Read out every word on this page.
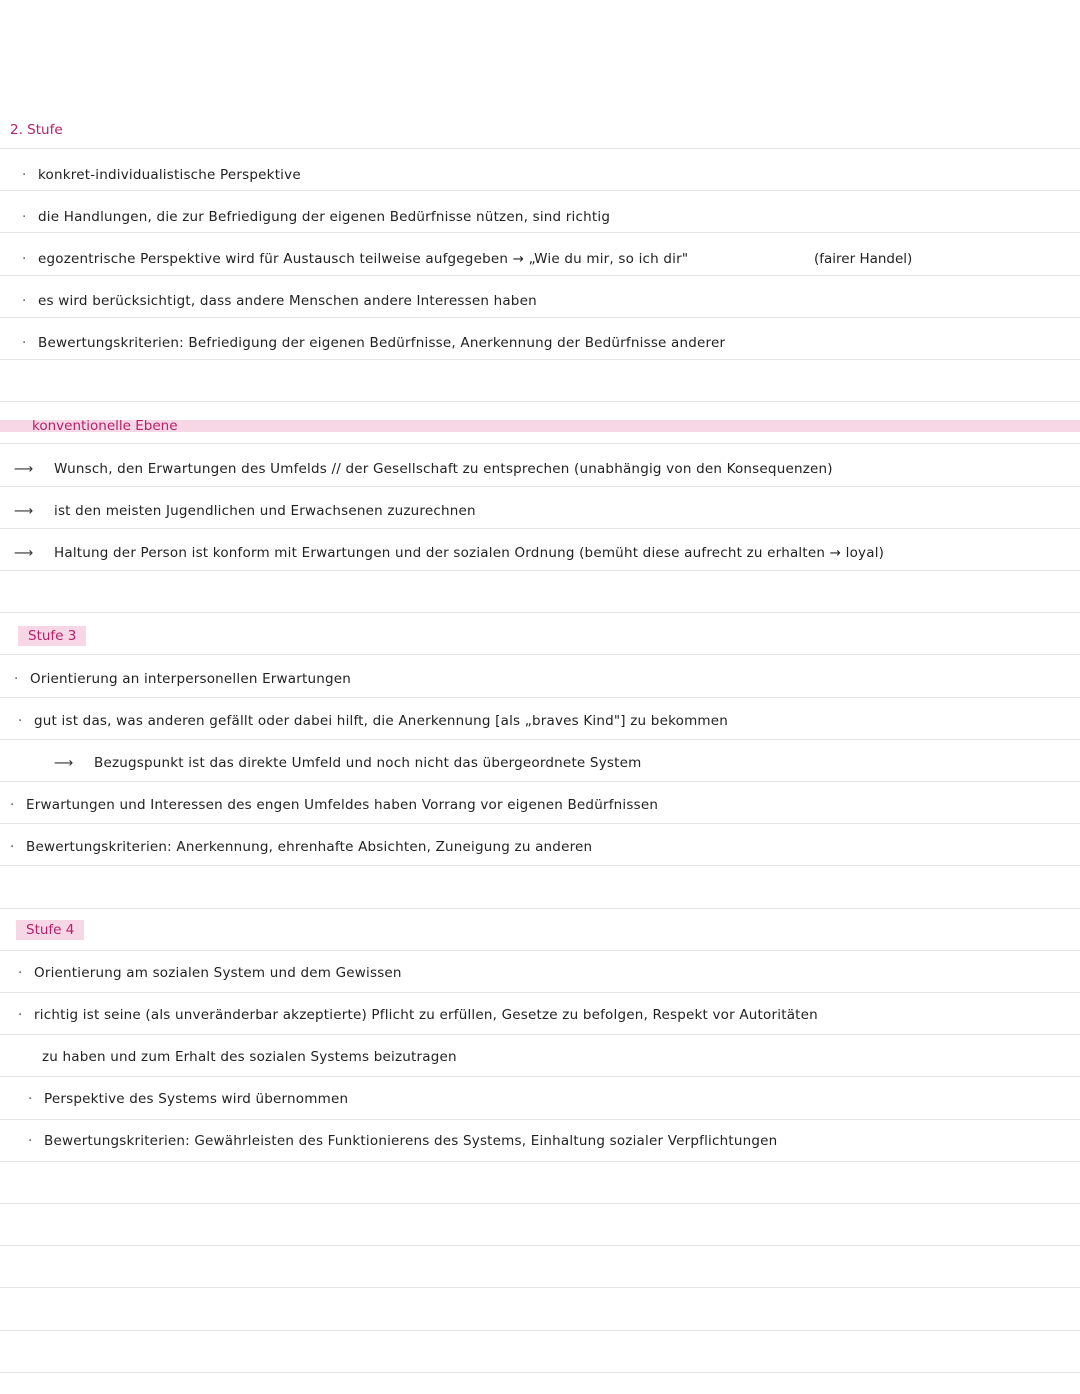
2. Stufe
· konkret-individualistische Perspektive
· die Handlungen, die zur Befriedigung der eigenen Bedürfnisse nützen, sind richtig
· egozentrische Perspektive wird für Austausch teilweise aufgegeben → „Wie du mir, so ich dir"	(fairer Handel)
· es wird berücksichtigt, dass andere Menschen andere Interessen haben
· Bewertungskriterien: Befriedigung der eigenen Bedürfnisse, Anerkennung der Bedürfnisse anderer
konventionelle Ebene
⟶ Wunsch, den Erwartungen des Umfelds // der Gesellschaft zu entsprechen (unabhängig von den Konsequenzen)
⟶ ist den meisten Jugendlichen und Erwachsenen zuzurechnen
⟶ Haltung der Person ist konform mit Erwartungen und der sozialen Ordnung (bemüht diese aufrecht zu erhalten → loyal)
Stufe 3
· Orientierung an interpersonellen Erwartungen
· gut ist das, was anderen gefällt oder dabei hilft, die Anerkennung [als „braves Kind"] zu bekommen
⟶ Bezugspunkt ist das direkte Umfeld und noch nicht das übergeordnete System
· Erwartungen und Interessen des engen Umfeldes haben Vorrang vor eigenen Bedürfnissen
· Bewertungskriterien: Anerkennung, ehrenhafte Absichten, Zuneigung zu anderen
Stufe 4
· Orientierung am sozialen System und dem Gewissen
· richtig ist seine (als unveränderbar akzeptierte) Pflicht zu erfüllen, Gesetze zu befolgen, Respekt vor Autoritäten
zu haben und zum Erhalt des sozialen Systems beizutragen
· Perspektive des Systems wird übernommen
· Bewertungskriterien: Gewährleisten des Funktionierens des Systems, Einhaltung sozialer Verpflichtungen
